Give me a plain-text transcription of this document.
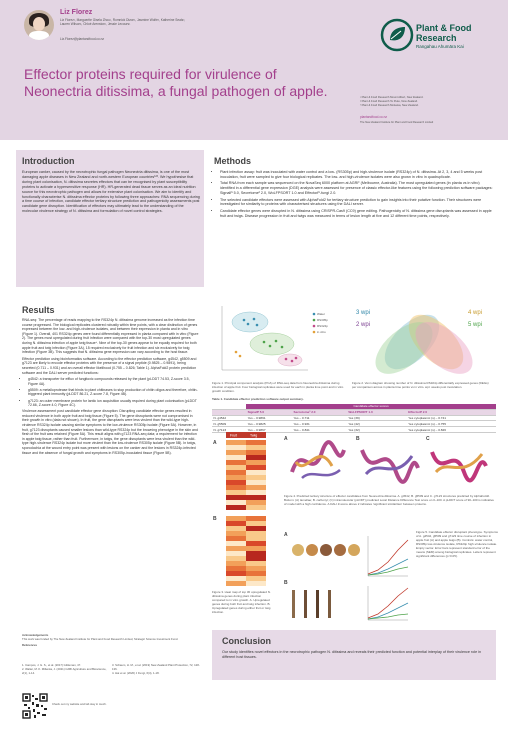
Liz Florez
Liz Florez¹, Marguerite Gisela Zhou¹, Romnick Dizon¹, Jasmine Wolfe², Katherine Seals³, Lauren Wilson¹, Chloé Arenston¹, Jessie Lecours¹
Liz.Florez@plantandfood.co.nz
Effector proteins required for virulence of Neonectria ditissima, a fungal pathogen of apple.
Plant & Food
Research
Rangahau Ahumāra Kai
¹ Plant & Food Research Mount Albert, New Zealand.
² Plant & Food Research Te Puke, New Zealand.
³ Plant & Food Research Motueka, New Zealand.
plantandfood.co.nz
The New Zealand Institute for Plant and Food Research Limited
Introduction
European canker, caused by the necrotrophic fungal pathogen Neonectria ditissima, is one of the most damaging apple diseases in New Zealand and north-western European countries¹²³. We hypothesise that during plant colonisation, N. ditissima secretes effectors that can be recognised by plant susceptibility proteins to activate a hypersensitive response (HR). HR-generated dead tissue serves as an ideal nutrition source for this necrotrophic pathogen and allows for extensive plant colonisation. We aim to identify and functionally characterise N. ditissima effector proteins by following three approaches: RNA sequencing during a time course of infection, candidate effector tertiary structure prediction and pathogenicity assessments post candidate gene disruption. Identification of effectors may ultimately lead to the understanding of the molecular virulence strategy of N. ditissima and formulation of novel control strategies.
Methods
• Plant infection assay: fruit was inoculated with water control and a low- (RS305p) and high-virulence isolate (RS324p) of N. ditissima. At 2, 3, 4 and 5 weeks post inoculation, fruit were sampled to give four biological replicates. The low- and high-virulence isolates were also grown in vitro in quadruplicate.
• Total RNA from each sample was sequenced on the NovaSeq 6000 platform at AGRF (Melbourne, Australia). The most upregulated genes (in planta vs in vitro) identified in a differential gene expression (DGE) analysis were assessed for presence of classic effector-like features using the following prediction software packages: SignalP 5.0, Secretome² 2.0, WoLFPSORT 1.0 and EffectorP-fungi 2.0.
• The selected candidate effectors were assessed with AlphaFold2 for tertiary structure prediction to gain insights into their putative function. Their structures were investigated for similarity to proteins with characterised structures using the DALI server.
• Candidate effector genes were disrupted in N. ditissima using CRISPR-Cas9 (CC9) gene editing. Pathogenicity of N. ditissima gene disruptants was assessed in apple fruit and twigs. Disease progression in fruit and twigs was measured in terms of lesion length at five and 12 different time points, respectively.
Results

RNA-seq: The percentage of reads mapping to the RS324p N. ditissima genome increased as the infection time course progressed. The biological replicates clustered robustly within time points, with a clear distinction of genes expressed between the low- and high-virulence isolates, and between their expression in planta and in vitro (Figure 1). Overall, 401 RS324p genes were found differentially expressed in planta compared with in vitro (Figure 2). The genes most upregulated during fruit infection were compared with the top-30 most upregulated genes during N. ditissima infection of apple twig tissue⁴. Nine of the top-30 genes appear to be equally required for both apple fruit and twig infection (Figure 3A), 15 required exclusively for fruit infection and six exclusively for twig infection (Figure 3B). This suggests that N. ditissima gene expression can vary according to the host tissue.

Effector prediction using bioinformatics software. According to the effector prediction software, g4542, g5509 and g7123 are likely to encode effector proteins with the presence of a signal peptide (0.9825 – 0.9891), being secreted (0.711 – 0.931) and an overall effector likelihood (0.755 – 0.826; Table 1). AlphaFold2 protein prediction software and the DALI server predicted functions:

• g4542: a transporter for efflux of fungitoxic compounds released by the plant (pLDDT 74.53, Z-score 3.5, Figure 4A).
• g5509: a metalloprotease that binds to plant chitinases to stop production of chitin oligos and therefore, chitin-triggered plant immunity (pLDDT 86.21, Z-score 7.8, Figure 4B).
• g7123: an outer membrane protein for lantic ion acquisition usually required during plant colonisation (pLDDT 72.66, Z-score 4.0, Figure 4C).

Virulence assessment post candidate effector gene disruption: Disrupting candidate effector genes resulted in reduced virulence in both apple fruit and twig tissue (Figure 5). The gene disruptants were not compromised in their growth in vitro (data not shown). In fruit, the gene disruptants were less virulent than the wild-type high-virulence RS324p isolate causing similar symptoms to the low-virulence RS305p isolate (Figure 5A). However, in fruit, g7123 disruptants caused smaller lesions than wild-type RS324p but the browning phenotype in the skin and flesh of the fruit was retained (Figure 5A). This result aligns with g7123 RNA-seq data; a requirement for infection in apple twig tissue, rather than fruit. Furthermore, in twigs, the gene disruptants were less virulent than the wild-type high-virulence RS324p isolate but more virulent than the low-virulence RS305p isolate (Figure 5B). In twigs, sporodochia at the wound entry point was present with lesions on the canker and the lesions in RS324p-infected tissue and the absence of fungal growth and symptoms in RS305p-inoculated tissue (Figure 5B).

Acknowledgements
This work was funded by The New Zealand Institute for Plant and Food Research Limited, Strategic Science Investment Fund.
References
1. Campos, J. G. S., et al. (2017) Gittleman, 47.
2. Walter, M. K. Millenka, J. (2021) CABI Agriculture and Bioscience, 2(1), 1-14.
3. Schaum, H. M., et al. (2019) New Zealand Plant Protection, 72, 128-136.
4. Hai et al. (2020) J Fungi, 6(4), 1-18.
Check out my website and lab stay in touch.
Water
RS305p
RS324p
in vitro
Figure 1. Principal component analysis (PCA) of RNA-seq data from Neonectria ditissima during infection of apple fruit. Four biological replicates were used for each in planta time point and in vitro growth condition.
2 wpi
3 wpi	4 wpi
5 wpi
Figure 2. Venn diagram showing number of N. ditissima RS324p differentially expressed genes (DEGs) per comparison across in planta time points vs in vitro. wpi: weeks post inoculation.
Table 1. Candidate effector prediction software output summary.
	Candidate effector scores			
	SignalP 5.0	Secretome² 2.0	WoLFPSORT 1.0	EffectorP 2.0
N. g4542	Yes – 0.9891	Yes – 0.711	Yes (39)	Yes cytoplasmic (s) – 0.741
N. g5509	Yes – 0.9825	Yes – 0.931	Yes (42)	Yes cytoplasmic (s) – 0.755
N. g7123	Yes – 0.9867	Yes – 0.841	Yes (32)	Yes cytoplasmic (s) – 0.826
Fruit	Twig
A
B
Figure 3. Heat map of top 30 upregulated N. ditissima genes during plant infection compared to in vitro growth. A. Upregulated genes during both fruit and twig infection. B. Upregulated genes during either fruit or twig infection.
A	B	C
Figure 4. Predicted tertiary structure of effector candidates from Neonectria ditissima. A. g4542, B. g5509 and C. g7123 structures predicted by AlphaFold2. Bottom: (A) lamellae; B. carbonyl; (C) intramolecular (pLDDT) predicted Local Distance Difference Test score on 0–100. A pLDDT score of 90–100 is indicative of model with a high confidence. A DALI Z-score above 2 indicates 'significant similarities' between proteins.
A
B
Figure 5. Candidate effector disruptant phenotype. Symptoms of A. g4542, g5509 and g7123 time course of infection in apple fruit (A) and apple twigs (B). Controls: water control, RS305p low-virulence isolate, RS324p high-virulence isolate. Empty vector. Error bars represent standard error of the means (SEM) among biological replicates. Letters represent significant differences (p<0.05).
Conclusion
Our study identifies novel effectors in the necrotrophic pathogen N. ditissima and reveals their predicted function and potential interplay of their virulence role in different host tissues.
